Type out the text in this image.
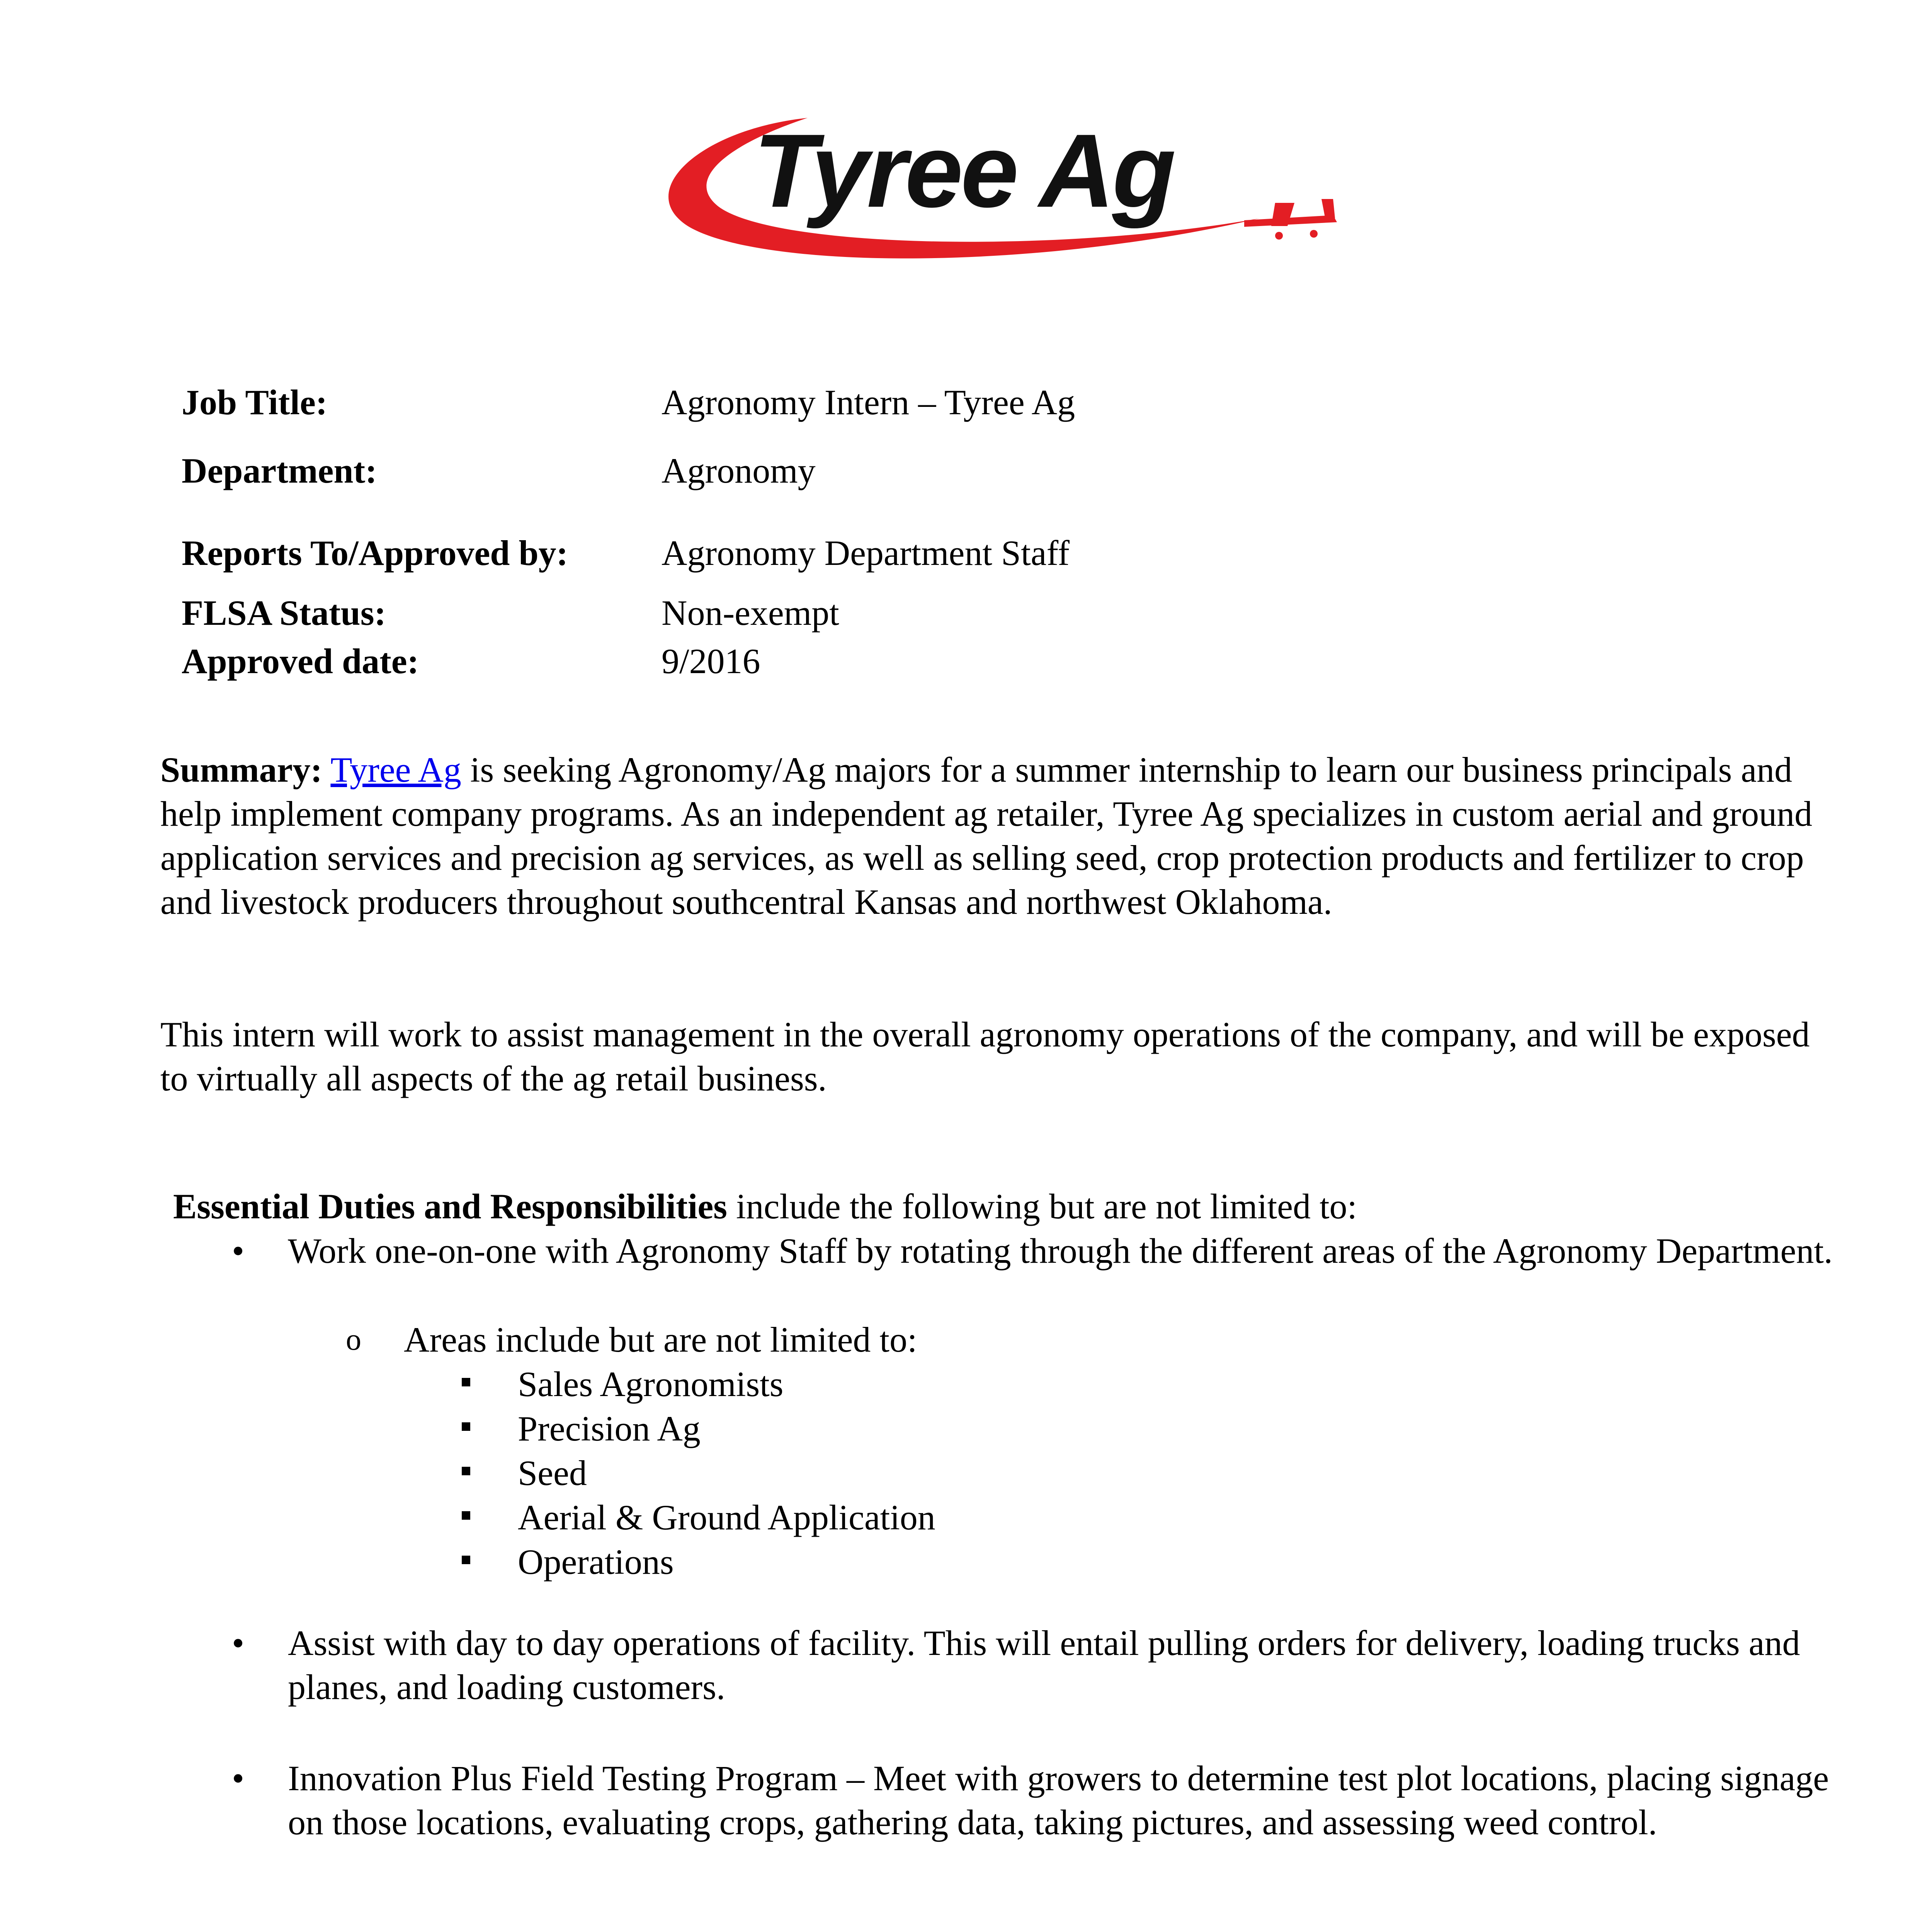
Tyree Ag
Job Title:	Agronomy Intern – Tyree Ag
Department:	Agronomy
Reports To/Approved by:	Agronomy Department Staff
FLSA Status:	Non-exempt
Approved date:	9/2016

Summary: Tyree Ag is seeking Agronomy/Ag majors for a summer internship to learn our business principals and help implement company programs. As an independent ag retailer, Tyree Ag specializes in custom aerial and ground application services and precision ag services, as well as selling seed, crop protection products and fertilizer to crop and livestock producers throughout southcentral Kansas and northwest Oklahoma.

This intern will work to assist management in the overall agronomy operations of the company, and will be exposed to virtually all aspects of the ag retail business.

Essential Duties and Responsibilities include the following but are not limited to:
• Work one-on-one with Agronomy Staff by rotating through the different areas of the Agronomy Department.

o Areas include but are not limited to:
Sales Agronomists
Precision Ag
Seed
Aerial & Ground Application
Operations
• Assist with day to day operations of facility. This will entail pulling orders for delivery, loading trucks and planes, and loading customers.

• Innovation Plus Field Testing Program – Meet with growers to determine test plot locations, placing signage on those locations, evaluating crops, gathering data, taking pictures, and assessing weed control.
